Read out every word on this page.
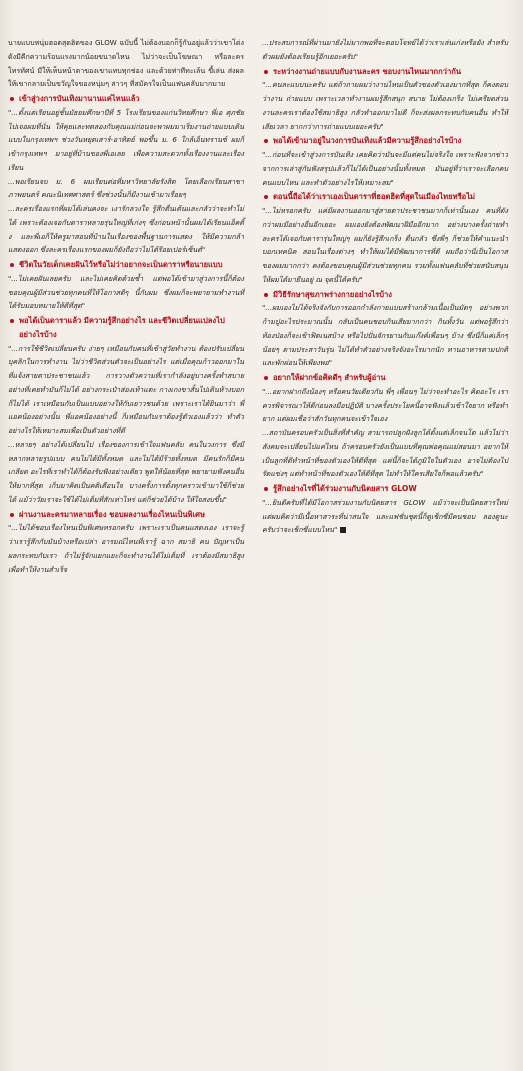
นายแบบหนุ่มฮอตสุดฮิตของ GLOW ฉบับนี้ ไม่ต้องบอกก็รู้กันอยู่แล้วว่าเขาโด่งดังมีคีกความร้อนแรงมากน้อยขนาดไหน ไม่ว่าจะเป็นโฆษณา หรือละครโทรทัศน์ มีให้เห็นหน้าตาของเขาแทบทุกช่อง และด้วยท่าทีทะเล้น ขี้เล่น ส่งผลให้เขากลายเป็นขวัญใจของหนุ่มๆ สาวๆ ที่สมัครใจเป็นแฟนคลับมากมาย

เข้าสู่วงการบันเทิงมานานแค่ไหนแล้ว

"...ตั้งแต่เรียนอยู่ชั้นมัธยมศึกษาปีที่ 5 โรงเรียนของแก่นวิทยศึกษา พี่เอ ศุภชัย ไปเจอผมที่นั่น ให้คุยและทดลองกับคุณแม่ก่อนจะพาผมมาเริ่มงานถ่ายแบบเดินแบบในกรุงเทพฯ ช่วงวันหยุดเสาร์-อาทิตย์ พอขึ้น ม. 6 ใกล้เอ็นทรานซ์ ผมก็เข้ากรุงเทพฯ มาอยู่ที่บ้านของพี่เอเลย เพื่อความสะดวกทั้งเรื่องงานและเรื่องเรียน

...พอเรียนจบ ม. 6 ผมเรียนต่อที่มหาวิทยาลัยรังสิต โดยเลือกเรียนสาขาภาพยนตร์ คณะนิเทศศาสตร์ ซึ่งช่วงนั้นก็มีงานเข้ามาเรื่อยๆ

...ละครเรื่องแรกที่ผมได้เล่นคงจะ เงารักลวงใจ รู้สึกตื่นเต้นและกลัวว่าจะทำไม่ได้ เพราะต้องเจอกับดาราหลายรุ่นใหญ่ที่เก่งๆ ซึ่งก่อนหน้านั้นผมได้เรียนแอ็คติ้ง และพี่เอก็ให้ครูมาสอนที่บ้านในเรื่องของพื้นฐานการแสดง ให้มีความกล้าแสดงออก ซึ่งละครเรื่องแรกของผมก็ยังถือว่าไม่ได้รีอยเปอร์เซ็นต์"

ชีวิตในวัยเด็กเคยฝันไว้หรือไม่ว่าอยากจะเป็นดาราหรือนายแบบ

"...ไม่เคยฝันเลยครับ และไม่เคยคิดด้วยซ้ำ แต่พอได้เข้ามาสู่วงการนี้ก็ต้องขอบคุณผู้มีส่วนช่วยทุกคนที่ให้โอกาสดีๆ นี้กับผม ซึ่งผมก็จะพยายามทำงานที่ได้รับมอบหมายให้ดีที่สุด"

พอได้เป็นดาราแล้ว มีความรู้สึกอย่างไร และชีวิตเปลี่ยนแปลงไปอย่างไรบ้าง

"...การใช้ชีวิตเปลี่ยนครับ ง่ายๆ เหมือนกับคนที่เข้าสู่วัยทำงาน ต้องปรับเปลี่ยนบุคลิกในการทำงาน ไม่ว่าชีวิตส่วนตัวจะเป็นอย่างไร แต่เมื่อคุณก้าวออกมาในที่แจ้งสายตาประชาชนแล้ว การวางตัวความที่เรากำลังอยู่บางครั้งทำสบายอย่างที่เคยทำมันก็ไม่ได้ อย่างกระเป๋าส่องเท้าแตะ กางเกงขาสั้นไปเดินห้างบอกก็ไม่ได้ เราเหมือนกับเป็นแบบอย่างให้กับเยาวชนด้วย เพราะเราได้ยินมาว่า พี่แอคน้องอย่างนั้น พี่แอคน้องอย่างนี้ ก็เหมือนกับเราต้องรู้ตัวเองแล้วว่า ทำตัวอย่างไรให้เหมาะสมเพื่อเป็นตัวอย่างที่ดี

...หลายๆ อย่างได้เปลี่ยนไป เรื่องของการเข้าใจแฟนคลับ คนในวงการ ซึ่งมีหลากหลายรูปแบบ คนไม่ได้มีทั้งหมด และไม่ได้มีร้ายทั้งหมด มีคนรักก็มีคนเกลียด อะไรที่เราทำได้ก็ต้องรับฟังอย่างเดียว พูดให้น้อยที่สุด พยายามฟังคนอื่นให้มากที่สุด เก็บมาคิดเป็นคติเตือนใจ บางครั้งการตั้งทุกคราวเข้ามาใช้ก็ช่วยได้ แม้ว่าวัยเราจะใช้ได้ไม่เต็มที่สักเท่าไหร่ แต่ก็ช่วยได้บ้าง ให้ใจสงบขึ้น"

ผ่านงานละครมาหลายเรื่อง ชอบผลงานเรื่องไหนเป็นพิเศษ

"...ไม่ได้ชอบเรื่องไหนเป็นพิเศษหรอกครับ เพราะเราเป็นคนแสดงเอง เราจะรู้ว่าเรารู้สึกกับมันบ้างหรือเปล่า อารมณ์ไหนที่เรารู้ ฉาก สมาธิ คน ปัญหาเป็นผลกระทบกับเรา ถ้าไม่รู้จักแยกแยะก็จะทำงานได้ไม่เต็มที่ เราต้องมีสมาธิสูงเพื่อทำให้งานสำเร็จ

...ประสบการณ์ที่ผ่านมายังไม่มากพอที่จะตอบโจทย์ได้ว่าเราเล่นเก่งหรือยัง สำหรับตัวผมยังต้องเรียนรู้อีกเยอะครับ"

ระหว่างงานถ่ายแบบกับงานละคร ชอบงานไหนมากกว่ากัน

"...คนละแบบนะครับ แต่ถ้าถามผมว่างานไหนเป็นตัวของตัวเองมากที่สุด ก็คงตอบว่างาน ถ่ายแบบ เพราะเวลาทำงานผมรู้สึกสนุก สบาย ไม่ต้องเกร็ง ไม่เครียดส่วนงานละครเราต้องใช้สมาธิสูง กลัวทำออกมาไม่ดี ก็จะส่งผลกระทบกับคนอื่น ทำให้เสียเวลา ยากกว่าการถ่ายแบบเยอะครับ"

พอได้เข้ามาอยู่ในวงการบันเทิงแล้วมีความรู้สึกอย่างไรบ้าง

"...ก่อนที่จะเข้าสู่วงการบันเทิง เคยคิดว่ามันจะมีแต่คนไม่จริงใจ เพราะฟังจากข่าว จากการเล่าสู่กันฟังสรุปแล้วก็ไม่ได้เป็นอย่างนั้นทั้งหมด มันอยู่ที่ว่าเราจะเลือกคบคนแบบไหน และทำตัวอย่างไรให้เหมาะสม"

ตอนนี้ถือได้ว่าเราเองเป็นดาราที่ฮอตฮิตที่สุดในเมืองไทยหรือไม่

"...ไม่หรอกครับ แค่มีผลงานออกมาสู่สายตาประชาชนมากก็เท่านั้นเอง คนที่ดังกว่าผมมีอย่างอื่นอีกเยอะ ผมเองยังต้องพัฒนาฝีมืออีกมาก อย่างบางครั้งถ่ายทำละครได้เจอกับดารารุ่นใหญ่ๆ ผมก็ยังรู้สึกเกร็ง ตื่นกลัว ซึ่งพี่ๆ ก็ช่วยให้คำแนะนำ บอกเทคนิค สอนในเรื่องต่างๆ ทำให้ผมได้มีพัฒนาการที่ดี ผมถือว่านี่เป็นโอกาสของผมมากกว่า คงต้องขอบคุณผู้มีส่วนช่วยทุกคน รวมทั้งแฟนคลับที่ช่วยสนับสนุนให้ผมได้มายืนอยู่ ณ จุดนี้ได้ครับ"

มีวิธีรักษาสุขภาพร่างกายอย่างไรบ้าง

"...ผมเองไม่ได้จริงจังกับการออกกำลังกายแบบสร้างกล้ามเนื้อเป็นมัดๆ อย่างพวกก้ามปูอะไรประมาณนั้น กลับเป็นคนชอบกินเสียมากกว่า กินทั้งวัน แต่พอรู้สึกว่าท้องป่องก็จะเข้าฟิตเนสบ้าง หรือไปปั่นจักรยานกับแก๊งค์เพื่อนๆ บ้าง ซึ่งนี่ก็แค่เล็กๆ น้อยๆ ตามประสาวันรุ่น ไม่ได้ทำตัวอย่างจริงจังอะไรมากนัก ทานอาหารตามปกติ และพักผ่อนให้เพียงพอ"

อยากให้ฝากข้อคิดดีๆ สำหรับผู้อ่าน

"...อยากฝากถึงน้องๆ หรือคนวัยเดียวกัน พี่ๆ เพื่อนๆ ไม่ว่าจะทำอะไร คิดอะไร เราควรพิจารณาให้ดีก่อนลงมือปฏิบัติ บางครั้งประโยคนี้อาจฟังแล้วเข้าใจยาก หรือทำยาก แต่ผมเชื่อว่าสักวันทุกคนจะเข้าใจเอง

...สถาบันครอบครัวเป็นสิ่งที่สำคัญ สามารถปลูกฝังลูกได้ตั้งแต่เล็กจนโต แล้วไม่ว่าสังคมจะเปลี่ยนไปแค่ไหน ถ้าครอบครัวยังเป็นแบบที่คุณพ่อคุณแม่สอนมา อยากให้เป็นลูกที่ดีทำหน้าที่ของตัวเองให้ดีที่สุด แค่นี้ก็จะได้ภูมิใจในตัวเอง อาจไม่ต้องไปรัดแข่งๆ แต่ทำหน้าที่ของตัวเองให้ดีที่สุด ไม่ทำให้ใครเสียใจก็พอแล้วครับ"

รู้สึกอย่างไรที่ได้ร่วมงานกับนิตยสาร GLOW

"...ยินดีครับที่ได้มีโอกาสร่วมงานกับนิตยสาร GLOW แม้ว่าจะเป็นนิตยสารใหม่ แต่ผมคิดว่ามีเนื้อหาสาระที่น่าสนใจ และแฟชั่นชุดนี้ก็ดูเช็กซี่มีคนชอบ ลองดูนะครับว่าจะเช็กซี่แบบไหน"
